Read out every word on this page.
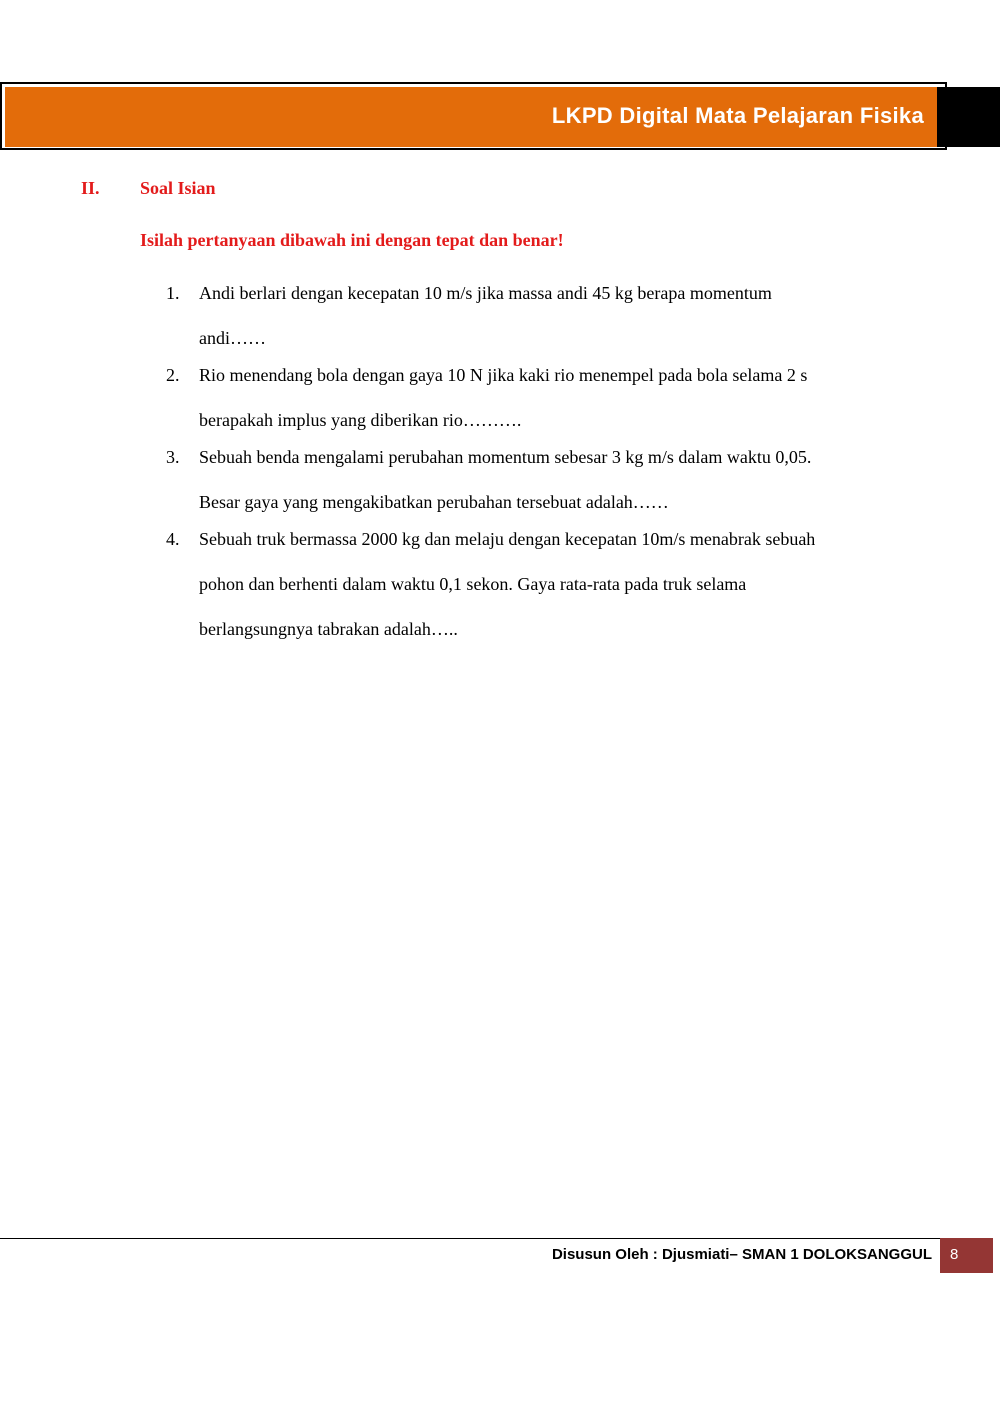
LKPD Digital Mata Pelajaran Fisika
II. Soal Isian
Isilah pertanyaan dibawah ini dengan tepat dan benar!
1. Andi berlari dengan kecepatan 10 m/s jika massa andi 45 kg berapa momentum
andi……
2. Rio menendang bola dengan gaya 10 N jika kaki rio menempel pada bola selama 2 s
berapakah implus yang diberikan rio……….
3. Sebuah benda mengalami perubahan momentum sebesar 3 kg m/s dalam waktu 0,05.
Besar gaya yang mengakibatkan perubahan tersebuat adalah……
4. Sebuah truk bermassa 2000 kg dan melaju dengan kecepatan 10m/s menabrak sebuah
pohon dan berhenti dalam waktu 0,1 sekon. Gaya rata-rata pada truk selama
berlangsungnya tabrakan adalah…..
Disusun Oleh : Djusmiati– SMAN 1 DOLOKSANGGUL	8
